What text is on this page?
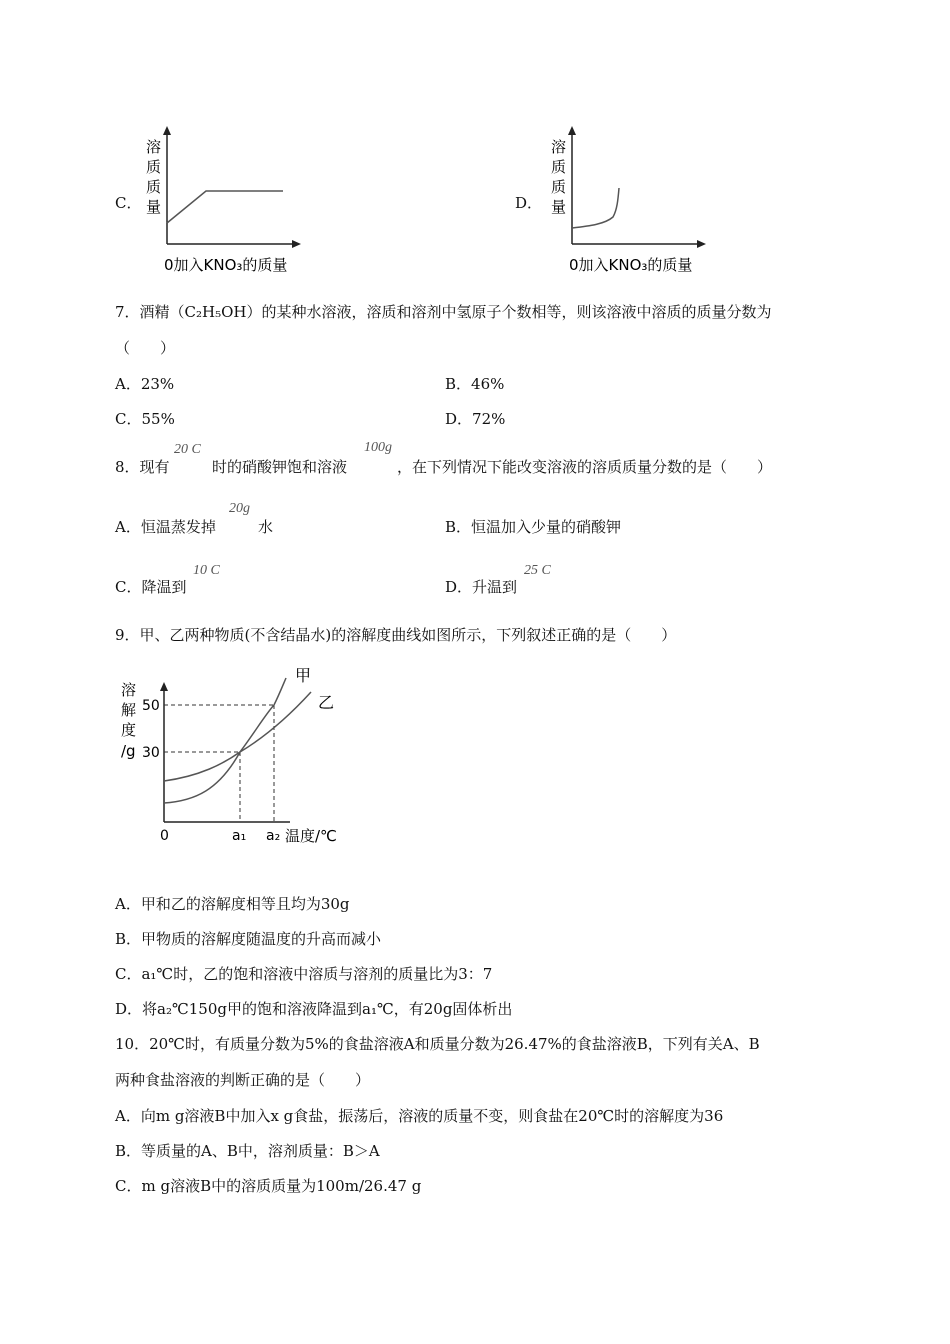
C．
溶
质
质
量
0加入KNO₃的质量
D．
溶
质
质
量
0加入KNO₃的质量
7．酒精（C₂H₅OH）的某种水溶液，溶质和溶剂中氢原子个数相等，则该溶液中溶质的质量分数为
（　　）
A．23%	B．46%
C．55%	D．72%
8．现有
20 C
时的硝酸钾饱和溶液
100g
，在下列情况下能改变溶液的溶质质量分数的是（　　）
A．恒温蒸发掉
20g
水	B．恒温加入少量的硝酸钾
C．降温到
10 C
D．升温到
25 C
9．甲、乙两种物质(不含结晶水)的溶解度曲线如图所示，下列叙述正确的是（　　）
溶
解
度
/g
50
30
0
甲
乙
a₁ a₂ 温度/℃
A．甲和乙的溶解度相等且均为30g
B．甲物质的溶解度随温度的升高而减小
C．a₁℃时，乙的饱和溶液中溶质与溶剂的质量比为3：7
D．将a₂℃150g甲的饱和溶液降温到a₁℃，有20g固体析出
10．20℃时，有质量分数为5%的食盐溶液A和质量分数为26.47%的食盐溶液B，下列有关A、B
两种食盐溶液的判断正确的是（　　）
A．向m g溶液B中加入x g食盐，振荡后，溶液的质量不变，则食盐在20℃时的溶解度为36
B．等质量的A、B中，溶剂质量：B＞A
C．m g溶液B中的溶质质量为100m/26.47 g
